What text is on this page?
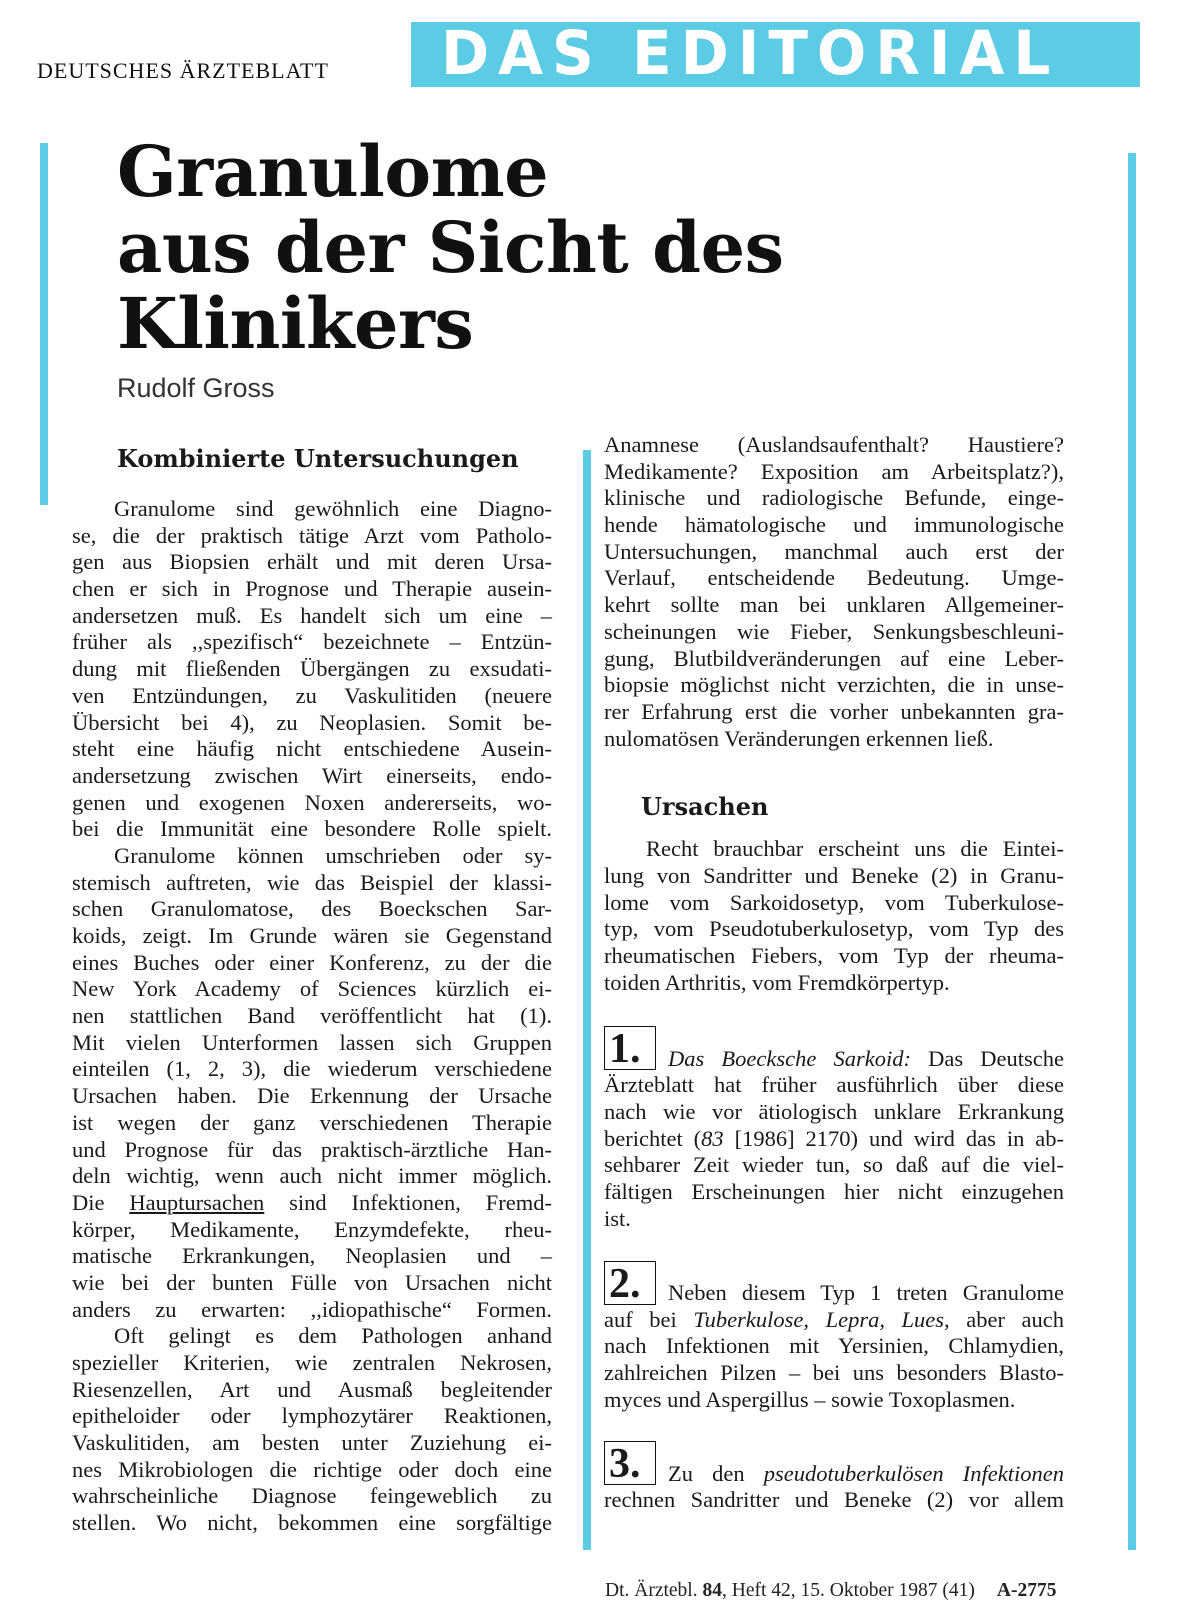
DEUTSCHES ÄRZTEBLATT DAS EDITORIAL
Granulome
aus der Sicht des
Klinikers
Rudolf Gross
Kombinierte Untersuchungen
Granulome sind gewöhnlich eine Diagno-
se, die der praktisch tätige Arzt vom Patholo-
gen aus Biopsien erhält und mit deren Ursa-
chen er sich in Prognose und Therapie ausein-
andersetzen muß. Es handelt sich um eine –
früher als ,,spezifisch“ bezeichnete – Entzün-
dung mit fließenden Übergängen zu exsudati-
ven Entzündungen, zu Vaskulitiden (neuere
Übersicht bei 4), zu Neoplasien. Somit be-
steht eine häufig nicht entschiedene Ausein-
andersetzung zwischen Wirt einerseits, endo-
genen und exogenen Noxen andererseits, wo-
bei die Immunität eine besondere Rolle spielt.
Granulome können umschrieben oder sy-
stemisch auftreten, wie das Beispiel der klassi-
schen Granulomatose, des Boeckschen Sar-
koids, zeigt. Im Grunde wären sie Gegenstand
eines Buches oder einer Konferenz, zu der die
New York Academy of Sciences kürzlich ei-
nen stattlichen Band veröffentlicht hat (1).
Mit vielen Unterformen lassen sich Gruppen
einteilen (1, 2, 3), die wiederum verschiedene
Ursachen haben. Die Erkennung der Ursache
ist wegen der ganz verschiedenen Therapie
und Prognose für das praktisch-ärztliche Han-
deln wichtig, wenn auch nicht immer möglich.
Die Hauptursachen sind Infektionen, Fremd-
körper, Medikamente, Enzymdefekte, rheu-
matische Erkrankungen, Neoplasien und –
wie bei der bunten Fülle von Ursachen nicht
anders zu erwarten: ,,idiopathische“ Formen.
Oft gelingt es dem Pathologen anhand
spezieller Kriterien, wie zentralen Nekrosen,
Riesenzellen, Art und Ausmaß begleitender
epitheloider oder lymphozytärer Reaktionen,
Vaskulitiden, am besten unter Zuziehung ei-
nes Mikrobiologen die richtige oder doch eine
wahrscheinliche Diagnose feingeweblich zu
stellen. Wo nicht, bekommen eine sorgfältige
Anamnese (Auslandsaufenthalt? Haustiere?
Medikamente? Exposition am Arbeitsplatz?),
klinische und radiologische Befunde, einge-
hende hämatologische und immunologische
Untersuchungen, manchmal auch erst der
Verlauf, entscheidende Bedeutung. Umge-
kehrt sollte man bei unklaren Allgemeiner-
scheinungen wie Fieber, Senkungsbeschleuni-
gung, Blutbildveränderungen auf eine Leber-
biopsie möglichst nicht verzichten, die in unse-
rer Erfahrung erst die vorher unbekannten gra-
nulomatösen Veränderungen erkennen ließ.
Ursachen
Recht brauchbar erscheint uns die Eintei-
lung von Sandritter und Beneke (2) in Granu-
lome vom Sarkoidosetyp, vom Tuberkulose-
typ, vom Pseudotuberkulosetyp, vom Typ des
rheumatischen Fiebers, vom Typ der rheuma-
toiden Arthritis, vom Fremdkörpertyp.
1.	Das Boecksche Sarkoid: Das Deutsche
Ärzteblatt hat früher ausführlich über diese
nach wie vor ätiologisch unklare Erkrankung
berichtet (83 [1986] 2170) und wird das in ab-
sehbarer Zeit wieder tun, so daß auf die viel-
fältigen Erscheinungen hier nicht einzugehen
ist.
2.	Neben diesem Typ 1 treten Granulome
auf bei Tuberkulose, Lepra, Lues, aber auch
nach Infektionen mit Yersinien, Chlamydien,
zahlreichen Pilzen – bei uns besonders Blasto-
myces und Aspergillus – sowie Toxoplasmen.
3.	Zu den pseudotuberkulösen Infektionen
rechnen Sandritter und Beneke (2) vor allem
Dt. Ärztebl. 84, Heft 42, 15. Oktober 1987 (41) A-2775
